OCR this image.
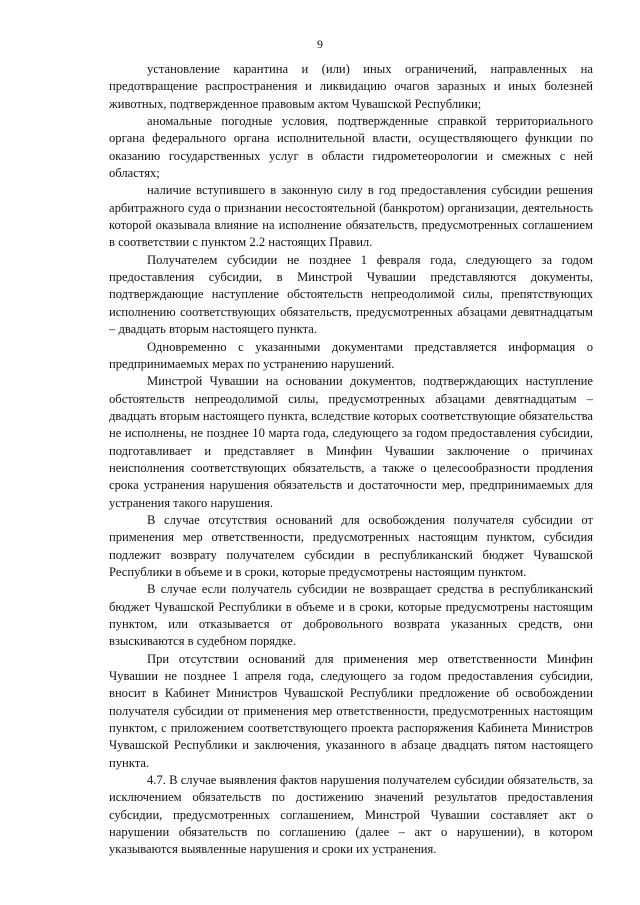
9

установление карантина и (или) иных ограничений, направленных на предотвращение распространения и ликвидацию очагов заразных и иных болезней животных, подтвержденное правовым актом Чувашской Республики;

аномальные погодные условия, подтвержденные справкой территориального органа федерального органа исполнительной власти, осуществляющего функции по оказанию государственных услуг в области гидрометеорологии и смежных с ней областях;

наличие вступившего в законную силу в год предоставления субсидии решения арбитражного суда о признании несостоятельной (банкротом) организации, деятельность которой оказывала влияние на исполнение обязательств, предусмотренных соглашением в соответствии с пунктом 2.2 настоящих Правил.

Получателем субсидии не позднее 1 февраля года, следующего за годом предоставления субсидии, в Минстрой Чувашии представляются документы, подтверждающие наступление обстоятельств непреодолимой силы, препятствующих исполнению соответствующих обязательств, предусмотренных абзацами девятнадцатым – двадцать вторым настоящего пункта.

Одновременно с указанными документами представляется информация о предпринимаемых мерах по устранению нарушений.

Минстрой Чувашии на основании документов, подтверждающих наступление обстоятельств непреодолимой силы, предусмотренных абзацами девятнадцатым – двадцать вторым настоящего пункта, вследствие которых соответствующие обязательства не исполнены, не позднее 10 марта года, следующего за годом предоставления субсидии, подготавливает и представляет в Минфин Чувашии заключение о причинах неисполнения соответствующих обязательств, а также о целесообразности продления срока устранения нарушения обязательств и достаточности мер, предпринимаемых для устранения такого нарушения.

В случае отсутствия оснований для освобождения получателя субсидии от применения мер ответственности, предусмотренных настоящим пунктом, субсидия подлежит возврату получателем субсидии в республиканский бюджет Чувашской Республики в объеме и в сроки, которые предусмотрены настоящим пунктом.

В случае если получатель субсидии не возвращает средства в республиканский бюджет Чувашской Республики в объеме и в сроки, которые предусмотрены настоящим пунктом, или отказывается от добровольного возврата указанных средств, они взыскиваются в судебном порядке.

При отсутствии оснований для применения мер ответственности Минфин Чувашии не позднее 1 апреля года, следующего за годом предоставления субсидии, вносит в Кабинет Министров Чувашской Республики предложение об освобождении получателя субсидии от применения мер ответственности, предусмотренных настоящим пунктом, с приложением соответствующего проекта распоряжения Кабинета Министров Чувашской Республики и заключения, указанного в абзаце двадцать пятом настоящего пункта.

4.7. В случае выявления фактов нарушения получателем субсидии обязательств, за исключением обязательств по достижению значений результатов предоставления субсидии, предусмотренных соглашением, Минстрой Чувашии составляет акт о нарушении обязательств по соглашению (далее – акт о нарушении), в котором указываются выявленные нарушения и сроки их устранения.
